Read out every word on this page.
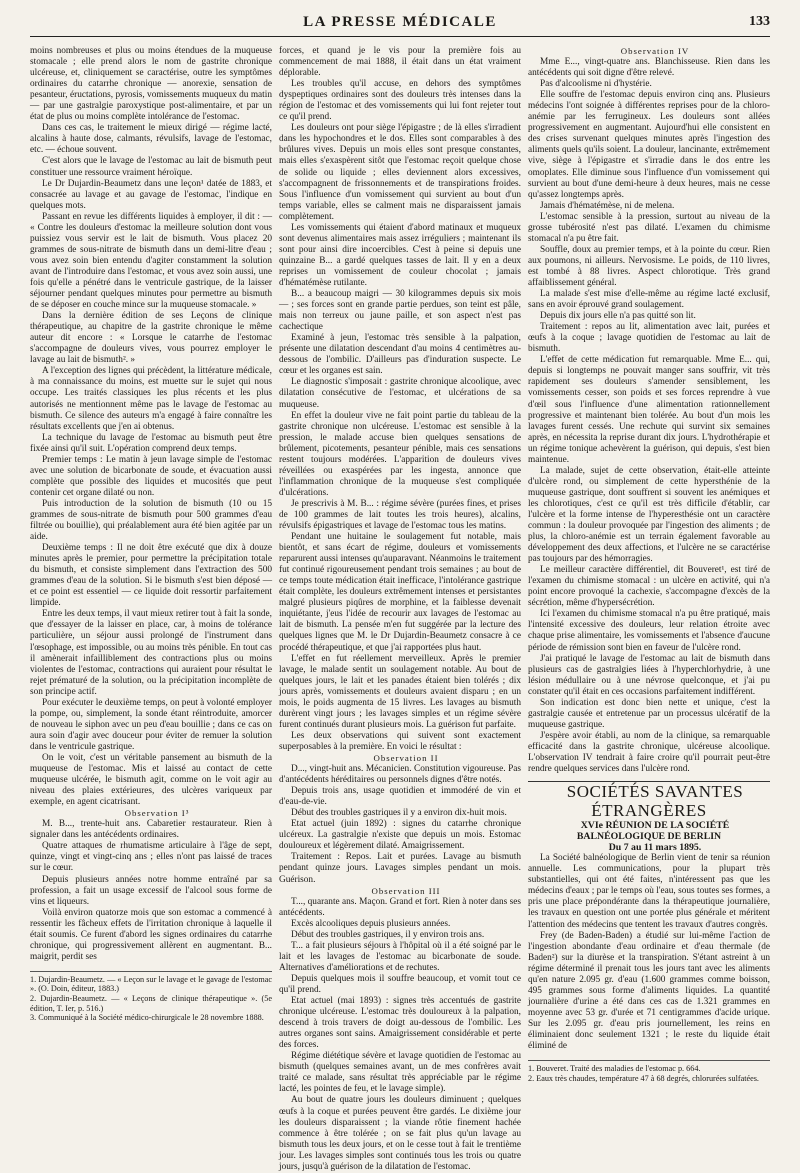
LA PRESSE MÉDICALE	133

moins nombreuses et plus ou moins étendues de la muqueuse stomacale ; elle prend alors le nom de gastrite chronique ulcéreuse, et, cliniquement se caractérise, outre les symptômes ordinaires du catarrhe chronique — anorexie, sensation de pesanteur, éructations, pyrosis, vomissements muqueux du matin — par une gastralgie paroxystique post-alimentaire, et par un état de plus ou moins complète intolérance de l'estomac.

Dans ces cas, le traitement le mieux dirigé — régime lacté, alcalins à haute dose, calmants, révulsifs, lavage de l'estomac, etc. — échoue souvent.

C'est alors que le lavage de l'estomac au lait de bismuth peut constituer une ressource vraiment héroïque.

Le Dr Dujardin-Beaumetz dans une leçon¹ datée de 1883, et consacrée au lavage et au gavage de l'estomac, l'indique en quelques mots.

Passant en revue les différents liquides à employer, il dit : — « Contre les douleurs d'estomac la meilleure solution dont vous puissiez vous servir est le lait de bismuth. Vous placez 20 grammes de sous-nitrate de bismuth dans un demi-litre d'eau ; vous avez soin bien entendu d'agiter constamment la solution avant de l'introduire dans l'estomac, et vous avez soin aussi, une fois qu'elle a pénétré dans le ventricule gastrique, de la laisser séjourner pendant quelques minutes pour permettre au bismuth de se déposer en couche mince sur la muqueuse stomacale. »

Dans la dernière édition de ses Leçons de clinique thérapeutique, au chapitre de la gastrite chronique le même auteur dit encore : « Lorsque le catarrhe de l'estomac s'accompagne de douleurs vives, vous pourrez employer le lavage au lait de bismuth². »

A l'exception des lignes qui précèdent, la littérature médicale, à ma connaissance du moins, est muette sur le sujet qui nous occupe. Les traités classiques les plus récents et les plus autorisés ne mentionnent même pas le lavage de l'estomac au bismuth. Ce silence des auteurs m'a engagé à faire connaître les résultats excellents que j'en ai obtenus.

La technique du lavage de l'estomac au bismuth peut être fixée ainsi qu'il suit. L'opération comprend deux temps.

Premier temps : Le matin à jeun lavage simple de l'estomac avec une solution de bicarbonate de soude, et évacuation aussi complète que possible des liquides et mucosités que peut contenir cet organe dilaté ou non.

Puis introduction de la solution de bismuth (10 ou 15 grammes de sous-nitrate de bismuth pour 500 grammes d'eau filtrée ou bouillie), qui préalablement aura été bien agitée par un aide.

Deuxième temps : Il ne doit être exécuté que dix à douze minutes après le premier, pour permettre la précipitation totale du bismuth, et consiste simplement dans l'extraction des 500 grammes d'eau de la solution. Si le bismuth s'est bien déposé — et ce point est essentiel — ce liquide doit ressortir parfaitement limpide.

Entre les deux temps, il vaut mieux retirer tout à fait la sonde, que d'essayer de la laisser en place, car, à moins de tolérance particulière, un séjour aussi prolongé de l'instrument dans l'œsophage, est impossible, ou au moins très pénible. En tout cas il amènerait infailliblement des contractions plus ou moins violentes de l'estomac, contractions qui auraient pour résultat le rejet prématuré de la solution, ou la précipitation incomplète de son principe actif.

Pour exécuter le deuxième temps, on peut à volonté employer la pompe, ou, simplement, la sonde étant réintroduite, amorcer de nouveau le siphon avec un peu d'eau bouillie ; dans ce cas on aura soin d'agir avec douceur pour éviter de remuer la solution dans le ventricule gastrique.

On le voit, c'est un véritable pansement au bismuth de la muqueuse de l'estomac. Mis et laissé au contact de cette muqueuse ulcérée, le bismuth agit, comme on le voit agir au niveau des plaies extérieures, des ulcères variqueux par exemple, en agent cicatrisant.

Observation I³

M. B..., trente-huit ans. Cabaretier restaurateur. Rien à signaler dans les antécédents ordinaires.

Quatre attaques de rhumatisme articulaire à l'âge de sept, quinze, vingt et vingt-cinq ans ; elles n'ont pas laissé de traces sur le cœur.

Depuis plusieurs années notre homme entraîné par sa profession, a fait un usage excessif de l'alcool sous forme de vins et liqueurs.

Voilà environ quatorze mois que son estomac a commencé à ressentir les fâcheux effets de l'irritation chronique à laquelle il était soumis. Ce furent d'abord les signes ordinaires du catarrhe chronique, qui progressivement allèrent en augmentant. B... maigrit, perdit ses

1. Dujardin-Beaumetz. — « Leçon sur le lavage et le gavage de l'estomac ». (O. Doin, éditeur, 1883.)

2. Dujardin-Beaumetz. — « Leçons de clinique thérapeutique ». (5e édition, T. Ier, p. 516.)

3. Communiqué à la Société médico-chirurgicale le 28 novembre 1888.

forces, et quand je le vis pour la première fois au commencement de mai 1888, il était dans un état vraiment déplorable.

Les troubles qu'il accuse, en dehors des symptômes dyspeptiques ordinaires sont des douleurs très intenses dans la région de l'estomac et des vomissements qui lui font rejeter tout ce qu'il prend.

Les douleurs ont pour siège l'épigastre ; de là elles s'irradient dans les hypochondres et le dos. Elles sont comparables à des brûlures vives. Depuis un mois elles sont presque constantes, mais elles s'exaspèrent sitôt que l'estomac reçoit quelque chose de solide ou liquide ; elles deviennent alors excessives, s'accompagnent de frissonnements et de transpirations froides. Sous l'influence d'un vomissement qui survient au bout d'un temps variable, elles se calment mais ne disparaissent jamais complètement.

Les vomissements qui étaient d'abord matinaux et muqueux sont devenus alimentaires mais assez irréguliers ; maintenant ils sont pour ainsi dire incoercibles. C'est à peine si depuis une quinzaine B... a gardé quelques tasses de lait. Il y en a deux reprises un vomissement de couleur chocolat ; jamais d'hématémèse rutilante.

B... a beaucoup maigri — 30 kilogrammes depuis six mois — ; ses forces sont en grande partie perdues, son teint est pâle, mais non terreux ou jaune paille, et son aspect n'est pas cachectique

Examiné à jeun, l'estomac très sensible à la palpation, présente une dilatation descendant d'au moins 4 centimètres au-dessous de l'ombilic. D'ailleurs pas d'induration suspecte. Le cœur et les organes est sain.

Le diagnostic s'imposait : gastrite chronique alcoolique, avec dilatation consécutive de l'estomac, et ulcérations de sa muqueuse.

En effet la douleur vive ne fait point partie du tableau de la gastrite chronique non ulcéreuse. L'estomac est sensible à la pression, le malade accuse bien quelques sensations de brûlement, picotements, pesanteur pénible, mais ces sensations restent toujours modérées. L'apparition de douleurs vives réveillées ou exaspérées par les ingesta, annonce que l'inflammation chronique de la muqueuse s'est compliquée d'ulcérations.

Je prescrivis à M. B... : régime sévère (purées fines, et prises de 100 grammes de lait toutes les trois heures), alcalins, révulsifs épigastriques et lavage de l'estomac tous les matins.

Pendant une huitaine le soulagement fut notable, mais bientôt, et sans écart de régime, douleurs et vomissements reparurent aussi intenses qu'auparavant. Néanmoins le traitement fut continué rigoureusement pendant trois semaines ; au bout de ce temps toute médication était inefficace, l'intolérance gastrique était complète, les douleurs extrêmement intenses et persistantes malgré plusieurs piqûres de morphine, et la faiblesse devenait inquiétante, j'eus l'idée de recourir aux lavages de l'estomac au lait de bismuth. La pensée m'en fut suggérée par la lecture des quelques lignes que M. le Dr Dujardin-Beaumetz consacre à ce procédé thérapeutique, et que j'ai rapportées plus haut.

L'effet en fut réellement merveilleux. Après le premier lavage, le malade sentit un soulagement notable. Au bout de quelques jours, le lait et les panades étaient bien tolérés ; dix jours après, vomissements et douleurs avaient disparu ; en un mois, le poids augmenta de 15 livres. Les lavages au bismuth durèrent vingt jours ; les lavages simples et un régime sévère furent continués durant plusieurs mois. La guérison fut parfaite.

Les deux observations qui suivent sont exactement superposables à la première. En voici le résultat :

Observation II

D..., vingt-huit ans. Mécanicien. Constitution vigoureuse. Pas d'antécédents héréditaires ou personnels dignes d'être notés.

Depuis trois ans, usage quotidien et immodéré de vin et d'eau-de-vie.

Début des troubles gastriques il y a environ dix-huit mois.

Etat actuel (juin 1892) : signes du catarrhe chronique ulcéreux. La gastralgie n'existe que depuis un mois. Estomac douloureux et légèrement dilaté. Amaigrissement.

Traitement : Repos. Lait et purées. Lavage au bismuth pendant quinze jours. Lavages simples pendant un mois. Guérison.

Observation III

T..., quarante ans. Maçon. Grand et fort. Rien à noter dans ses antécédents.

Excès alcooliques depuis plusieurs années.

Début des troubles gastriques, il y environ trois ans.

T... a fait plusieurs séjours à l'hôpital où il a été soigné par le lait et les lavages de l'estomac au bicarbonate de soude. Alternatives d'améliorations et de rechutes.

Depuis quelques mois il souffre beaucoup, et vomit tout ce qu'il prend.

Etat actuel (mai 1893) : signes très accentués de gastrite chronique ulcéreuse. L'estomac très douloureux à la palpation, descend à trois travers de doigt au-dessous de l'ombilic. Les autres organes sont sains. Amaigrissement considérable et perte des forces.

Régime diététique sévère et lavage quotidien de l'estomac au bismuth (quelques semaines avant, un de mes confrères avait traité ce malade, sans résultat très appréciable par le régime lacté, les pointes de feu, et le lavage simple).

Au bout de quatre jours les douleurs diminuent ; quelques œufs à la coque et purées peuvent être gardés. Le dixième jour les douleurs disparaissent ; la viande rôtie finement hachée commence à être tolérée ; on se fait plus qu'un lavage au bismuth tous les deux jours, et on le cesse tout à fait le trentième jour. Les lavages simples sont continués tous les trois ou quatre jours, jusqu'à guérison de la dilatation de l'estomac.

Observation IV

Mme E..., vingt-quatre ans. Blanchisseuse. Rien dans les antécédents qui soit digne d'être relevé.

Pas d'alcoolisme ni d'hystérie.

Elle souffre de l'estomac depuis environ cinq ans. Plusieurs médecins l'ont soignée à différentes reprises pour de la chloro-anémie par les ferrugineux. Les douleurs sont allées progressivement en augmentant. Aujourd'hui elle consistent en des crises survenant quelques minutes après l'ingestion des aliments quels qu'ils soient. La douleur, lancinante, extrêmement vive, siège à l'épigastre et s'irradie dans le dos entre les omoplates. Elle diminue sous l'influence d'un vomissement qui survient au bout d'une demi-heure à deux heures, mais ne cesse qu'assez longtemps après.

Jamais d'hématémèse, ni de melena.

L'estomac sensible à la pression, surtout au niveau de la grosse tubérosité n'est pas dilaté. L'examen du chimisme stomacal n'a pu être fait.

Souffle, doux au premier temps, et à la pointe du cœur. Rien aux poumons, ni ailleurs. Nervosisme. Le poids, de 110 livres, est tombé à 88 livres. Aspect chlorotique. Très grand affaiblissement général.

La malade s'est mise d'elle-même au régime lacté exclusif, sans en avoir éprouvé grand soulagement.

Depuis dix jours elle n'a pas quitté son lit.

Traitement : repos au lit, alimentation avec lait, purées et œufs à la coque ; lavage quotidien de l'estomac au lait de bismuth.

L'effet de cette médication fut remarquable. Mme E... qui, depuis si longtemps ne pouvait manger sans souffrir, vit très rapidement ses douleurs s'amender sensiblement, les vomissements cesser, son poids et ses forces reprendre à vue d'œil sous l'influence d'une alimentation rationnellement progressive et maintenant bien tolérée. Au bout d'un mois les lavages furent cessés. Une rechute qui survint six semaines après, en nécessita la reprise durant dix jours. L'hydrothérapie et un régime tonique achevèrent la guérison, qui depuis, s'est bien maintenue.

La malade, sujet de cette observation, était-elle atteinte d'ulcère rond, ou simplement de cette hypersthénie de la muqueuse gastrique, dont souffrent si souvent les anémiques et les chlorotiques, c'est ce qu'il est très difficile d'établir, car l'ulcère et la forme intense de l'hyperesthésie ont un caractère commun : la douleur provoquée par l'ingestion des aliments ; de plus, la chloro-anémie est un terrain également favorable au développement des deux affections, et l'ulcère ne se caractérise pas toujours par des hémorragies.

Le meilleur caractère différentiel, dit Bouveret¹, est tiré de l'examen du chimisme stomacal : un ulcère en activité, qui n'a point encore provoqué la cachexie, s'accompagne d'excès de la sécrétion, même d'hypersécrétion.

Ici l'examen du chimisme stomacal n'a pu être pratiqué, mais l'intensité excessive des douleurs, leur relation étroite avec chaque prise alimentaire, les vomissements et l'absence d'aucune période de rémission sont bien en faveur de l'ulcère rond.

J'ai pratiqué le lavage de l'estomac au lait de bismuth dans plusieurs cas de gastralgies liées à l'hyperchlorhydrie, à une lésion médullaire ou à une névrose quelconque, et j'ai pu constater qu'il était en ces occasions parfaitement indifférent.

Son indication est donc bien nette et unique, c'est la gastralgie causée et entretenue par un processus ulcératif de la muqueuse gastrique.

J'espère avoir établi, au nom de la clinique, sa remarquable efficacité dans la gastrite chronique, ulcéreuse alcoolique. L'observation IV tendrait à faire croire qu'il pourrait peut-être rendre quelques services dans l'ulcère rond.

SOCIÉTÉS SAVANTES ÉTRANGÈRES

XVIe RÉUNION DE LA SOCIÉTÉ BALNÉOLOGIQUE DE BERLIN

Du 7 au 11 mars 1895.

La Société balnéologique de Berlin vient de tenir sa réunion annuelle. Les communications, pour la plupart très substantielles, qui ont été faites, n'intéressent pas que les médecins d'eaux ; par le temps où l'eau, sous toutes ses formes, a pris une place prépondérante dans la thérapeutique journalière, les travaux en question ont une portée plus générale et méritent l'attention des médecins que tentent les travaux d'autres congrès.

Frey (de Baden-Baden) a étudié sur lui-même l'action de l'ingestion abondante d'eau ordinaire et d'eau thermale (de Baden²) sur la diurèse et la transpiration. S'étant astreint à un régime déterminé il prenait tous les jours tant avec les aliments qu'en nature 2.095 gr. d'eau (1.600 grammes comme boisson, 495 grammes sous forme d'aliments liquides. La quantité journalière d'urine a été dans ces cas de 1.321 grammes en moyenne avec 53 gr. d'urée et 71 centigrammes d'acide urique. Sur les 2.095 gr. d'eau pris journellement, les reins en éliminaient donc seulement 1321 ; le reste du liquide était éliminé de

1. Bouveret. Traité des maladies de l'estomac p. 664.

2. Eaux très chaudes, température 47 à 68 degrés, chlorurées sulfatées.
